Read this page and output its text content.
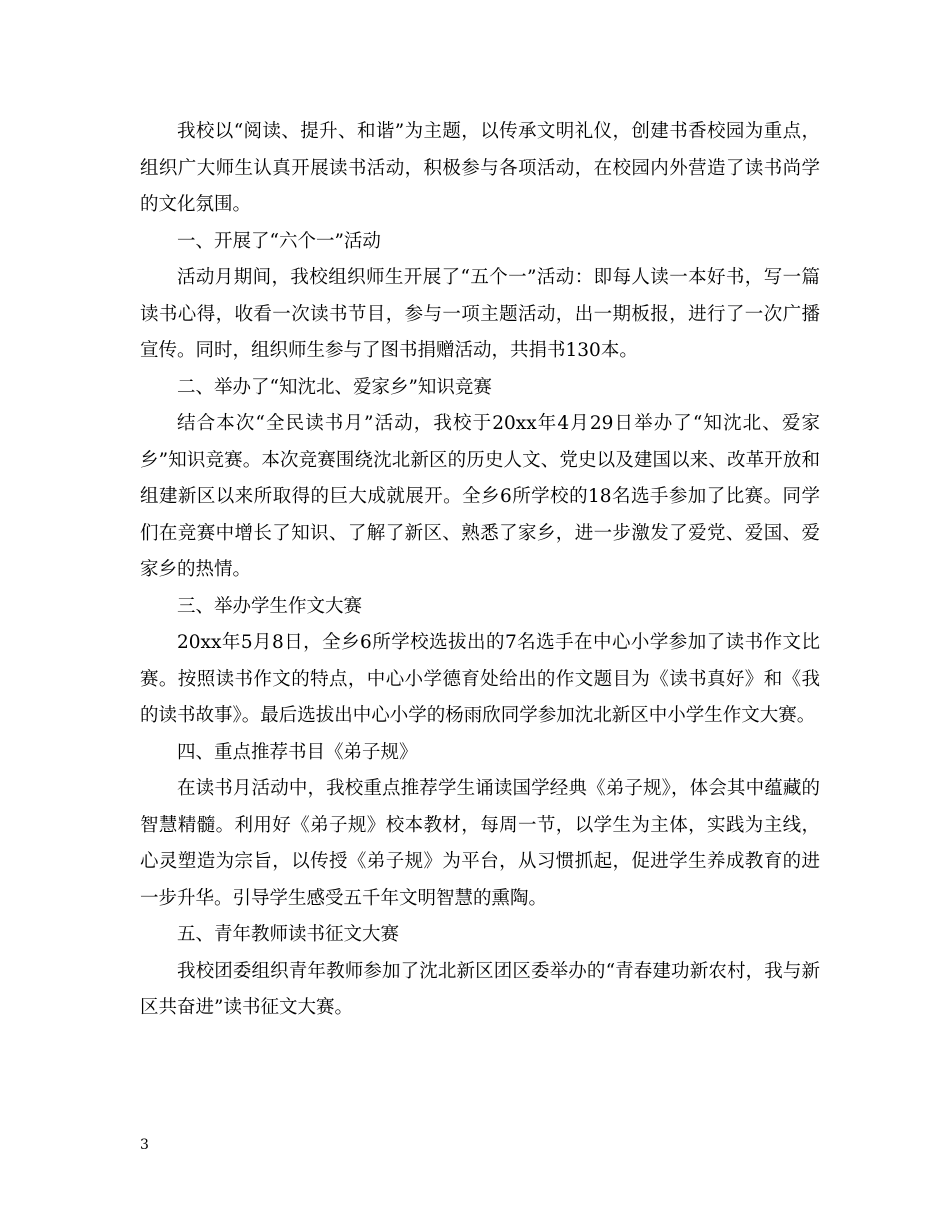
我校以“阅读、提升、和谐”为主题，以传承文明礼仪，创建书香校园为重点，组织广大师生认真开展读书活动，积极参与各项活动，在校园内外营造了读书尚学的文化氛围。

一、开展了“六个一”活动

活动月期间，我校组织师生开展了“五个一”活动：即每人读一本好书，写一篇读书心得，收看一次读书节目，参与一项主题活动，出一期板报，进行了一次广播宣传。同时，组织师生参与了图书捐赠活动，共捐书130本。

二、举办了“知沈北、爱家乡”知识竞赛

结合本次“全民读书月”活动，我校于20xx年4月29日举办了“知沈北、爱家乡”知识竞赛。本次竞赛围绕沈北新区的历史人文、党史以及建国以来、改革开放和组建新区以来所取得的巨大成就展开。全乡6所学校的18名选手参加了比赛。同学们在竞赛中增长了知识、了解了新区、熟悉了家乡，进一步激发了爱党、爱国、爱家乡的热情。

三、举办学生作文大赛

20xx年5月8日，全乡6所学校选拔出的7名选手在中心小学参加了读书作文比赛。按照读书作文的特点，中心小学德育处给出的作文题目为《读书真好》和《我的读书故事》。最后选拔出中心小学的杨雨欣同学参加沈北新区中小学生作文大赛。

四、重点推荐书目《弟子规》

在读书月活动中，我校重点推荐学生诵读国学经典《弟子规》，体会其中蕴藏的智慧精髓。利用好《弟子规》校本教材，每周一节，以学生为主体，实践为主线，心灵塑造为宗旨，以传授《弟子规》为平台，从习惯抓起，促进学生养成教育的进一步升华。引导学生感受五千年文明智慧的熏陶。

五、青年教师读书征文大赛

我校团委组织青年教师参加了沈北新区团区委举办的“青春建功新农村，我与新区共奋进”读书征文大赛。

3
